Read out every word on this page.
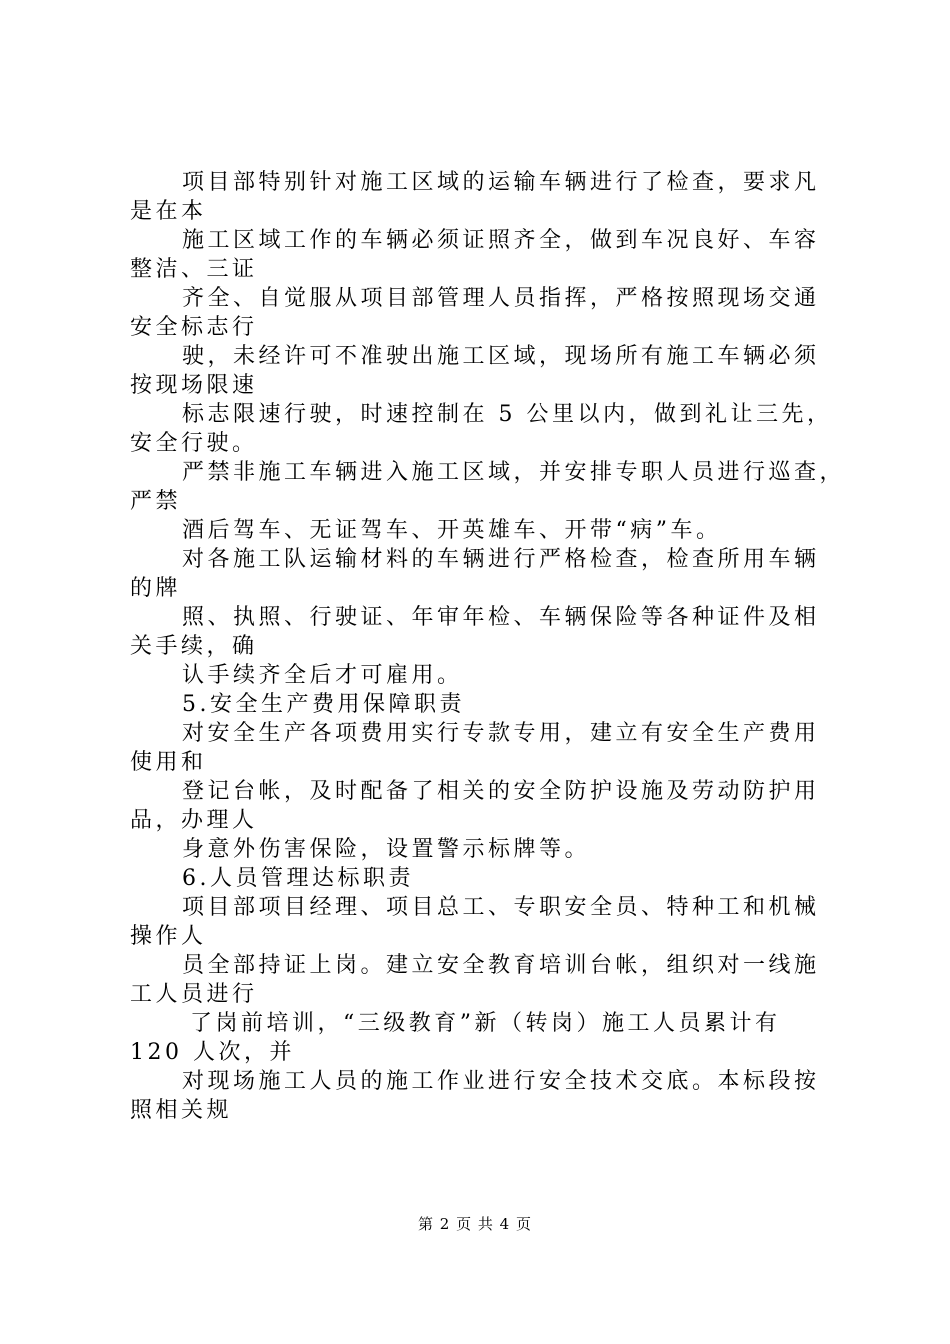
项目部特别针对施工区域的运输车辆进行了检查，要求凡
是在本
施工区域工作的车辆必须证照齐全，做到车况良好、车容
整洁、三证
齐全、自觉服从项目部管理人员指挥，严格按照现场交通
安全标志行
驶，未经许可不准驶出施工区域，现场所有施工车辆必须
按现场限速
标志限速行驶，时速控制在 5 公里以内，做到礼让三先，
安全行驶。
严禁非施工车辆进入施工区域，并安排专职人员进行巡查，
严禁
酒后驾车、无证驾车、开英雄车、开带“病”车。
对各施工队运输材料的车辆进行严格检查，检查所用车辆
的牌
照、执照、行驶证、年审年检、车辆保险等各种证件及相
关手续，确
认手续齐全后才可雇用。
5.安全生产费用保障职责
对安全生产各项费用实行专款专用，建立有安全生产费用
使用和
登记台帐，及时配备了相关的安全防护设施及劳动防护用
品，办理人
身意外伤害保险，设置警示标牌等。
6.人员管理达标职责
项目部项目经理、项目总工、专职安全员、特种工和机械
操作人
员全部持证上岗。建立安全教育培训台帐，组织对一线施
工人员进行
了岗前培训，“三级教育”新（转岗）施工人员累计有
120 人次，并
对现场施工人员的施工作业进行安全技术交底。本标段按
照相关规
第 2 页 共 4 页
